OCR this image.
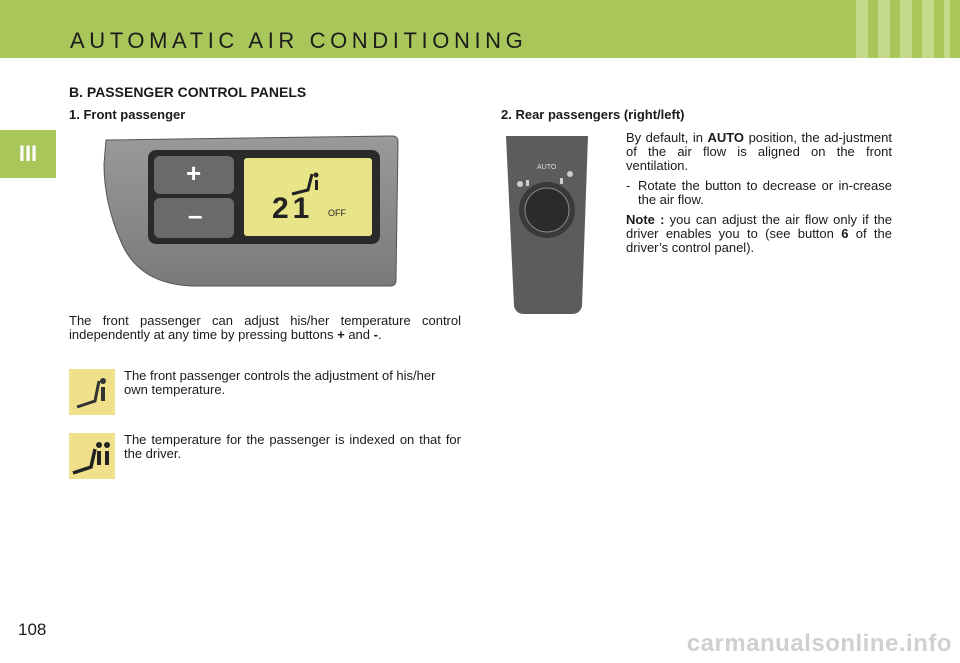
AUTOMATIC AIR CONDITIONING
III
B. PASSENGER CONTROL PANELS
1. Front passenger	2. Rear passengers (right/left)
+
– 21 OFF

The front passenger can adjust his/her temperature control independently at any time by pressing buttons + and -.

The front passenger controls the adjustment of his/her own temperature.
The temperature for the passenger is indexed on that for the driver.
AUTO

By default, in AUTO position, the ad-justment of the air flow is aligned on the front ventilation.

- Rotate the button to decrease or in-crease the air flow.

Note : you can adjust the air flow only if the driver enables you to (see button 6 of the driver’s control panel).

108
carmanualsonline.info
